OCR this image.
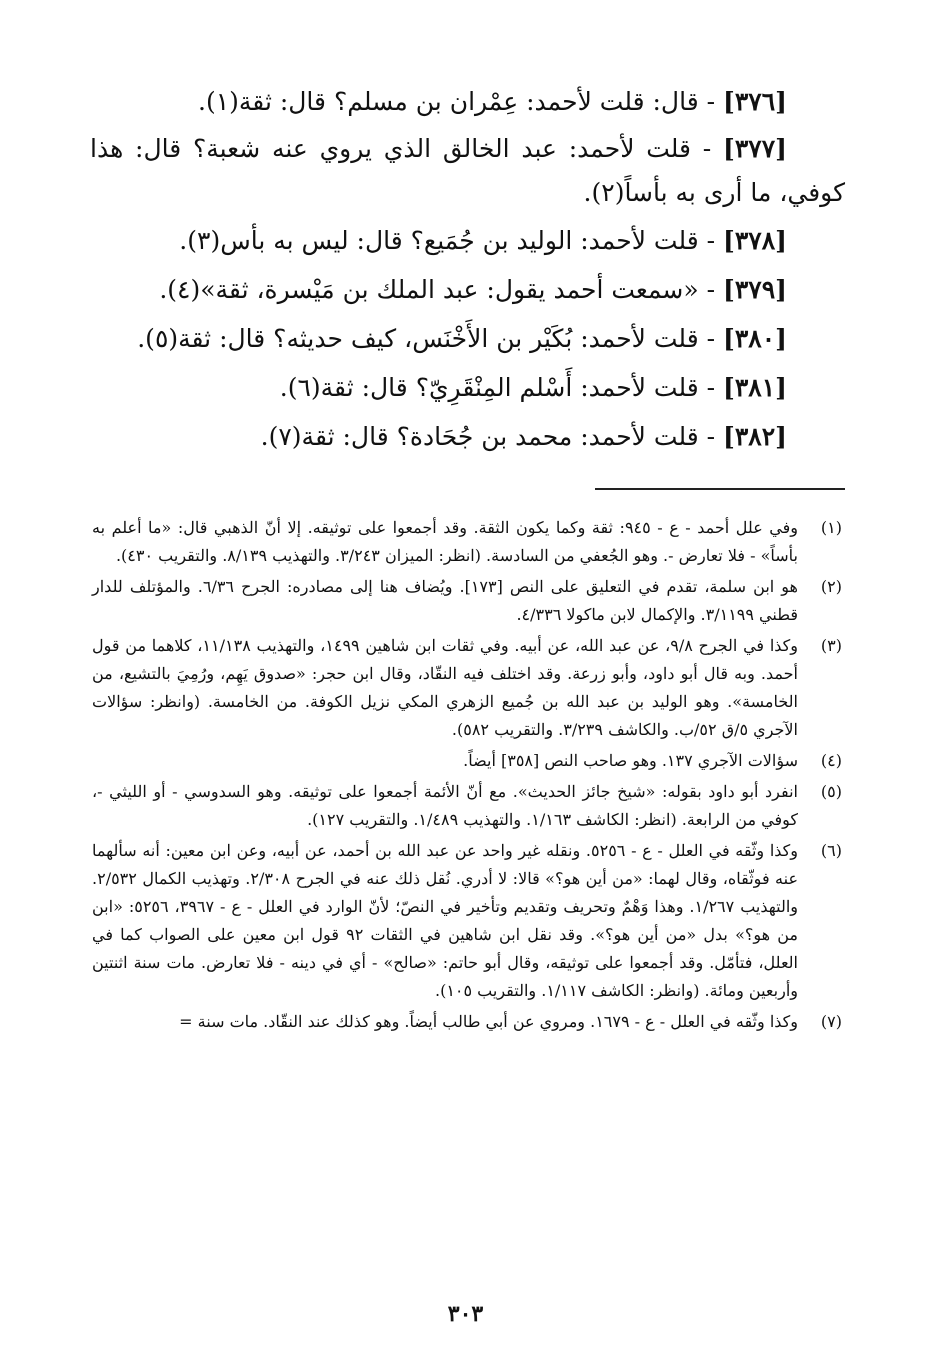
[٣٧٦] - قال: قلت لأحمد: عِمْران بن مسلم؟ قال: ثقة(١).

[٣٧٧] - قلت لأحمد: عبد الخالق الذي يروي عنه شعبة؟ قال: هذا كوفي، ما أرى به بأساً(٢).

[٣٧٨] - قلت لأحمد: الوليد بن جُمَيع؟ قال: ليس به بأس(٣).

[٣٧٩] - «سمعت أحمد يقول: عبد الملك بن مَيْسرة، ثقة»(٤).

[٣٨٠] - قلت لأحمد: بُكَيْر بن الأَخْنَس، كيف حديثه؟ قال: ثقة(٥).

[٣٨١] - قلت لأحمد: أَسْلم المِنْقَرِيّ؟ قال: ثقة(٦).

[٣٨٢] - قلت لأحمد: محمد بن جُحَادة؟ قال: ثقة(٧).

(١)
وفي علل أحمد - ع - ٩٤٥: ثقة وكما يكون الثقة. وقد أجمعوا على توثيقه. إلا أنّ الذهبي قال: «ما أعلم به بأساً» - فلا تعارض -. وهو الجُعفي من السادسة. (انظر: الميزان ٣/٢٤٣. والتهذيب ٨/١٣٩. والتقريب ٤٣٠).
(٢)
هو ابن سلمة، تقدم في التعليق على النص [١٧٣]. ويُضاف هنا إلى مصادره: الجرح ٦/٣٦. والمؤتلف للدار قطني ٣/١١٩٩. والإكمال لابن ماكولا ٤/٣٣٦.
(٣)
وكذا في الجرح ٩/٨، عن عبد الله، عن أبيه. وفي ثقات ابن شاهين ١٤٩٩، والتهذيب ١١/١٣٨، كلاهما من قول أحمد. وبه قال أبو داود، وأبو زرعة. وقد اختلف فيه النقّاد، وقال ابن حجر: «صدوق يَهِم، ورُمِيَ بالتشيع، من الخامسة». وهو الوليد بن عبد الله بن جُميع الزهري المكي نزيل الكوفة. من الخامسة. (وانظر: سؤالات الآجري ٥/ق ٥٢/ب. والكاشف ٣/٢٣٩. والتقريب ٥٨٢).
(٤)
سؤالات الآجري ١٣٧. وهو صاحب النص [٣٥٨] أيضاً.
(٥)
انفرد أبو داود بقوله: «شيخ جائز الحديث». مع أنّ الأئمة أجمعوا على توثيقه. وهو السدوسي - أو الليثي -، كوفي من الرابعة. (انظر: الكاشف ١/١٦٣. والتهذيب ١/٤٨٩. والتقريب ١٢٧).
(٦)
وكذا وثّقه في العلل - ع - ٥٢٥٦. ونقله غير واحد عن عبد الله بن أحمد، عن أبيه، وعن ابن معين: أنه سألهما عنه فوثّقاه، وقال لهما: «من أين هو؟» قالا: لا أدري. نُقل ذلك عنه في الجرح ٢/٣٠٨. وتهذيب الكمال ٢/٥٣٢. والتهذيب ١/٢٦٧. وهذا وَهْمٌ وتحريف وتقديم وتأخير في النصّ؛ لأنّ الوارد في العلل - ع - ٣٩٦٧، ٥٢٥٦: «ابن من هو؟» بدل «من أين هو؟». وقد نقل ابن شاهين في الثقات ٩٢ قول ابن معين على الصواب كما في العلل، فتأمّل. وقد أجمعوا على توثيقه، وقال أبو حاتم: «صالح» - أي في دينه - فلا تعارض. مات سنة اثنتين وأربعين ومائة. (وانظر: الكاشف ١/١١٧. والتقريب ١٠٥).
(٧)
وكذا وثّقه في العلل - ع - ١٦٧٩. ومروي عن أبي طالب أيضاً. وهو كذلك عند النقّاد. مات سنة =
٣٠٣
